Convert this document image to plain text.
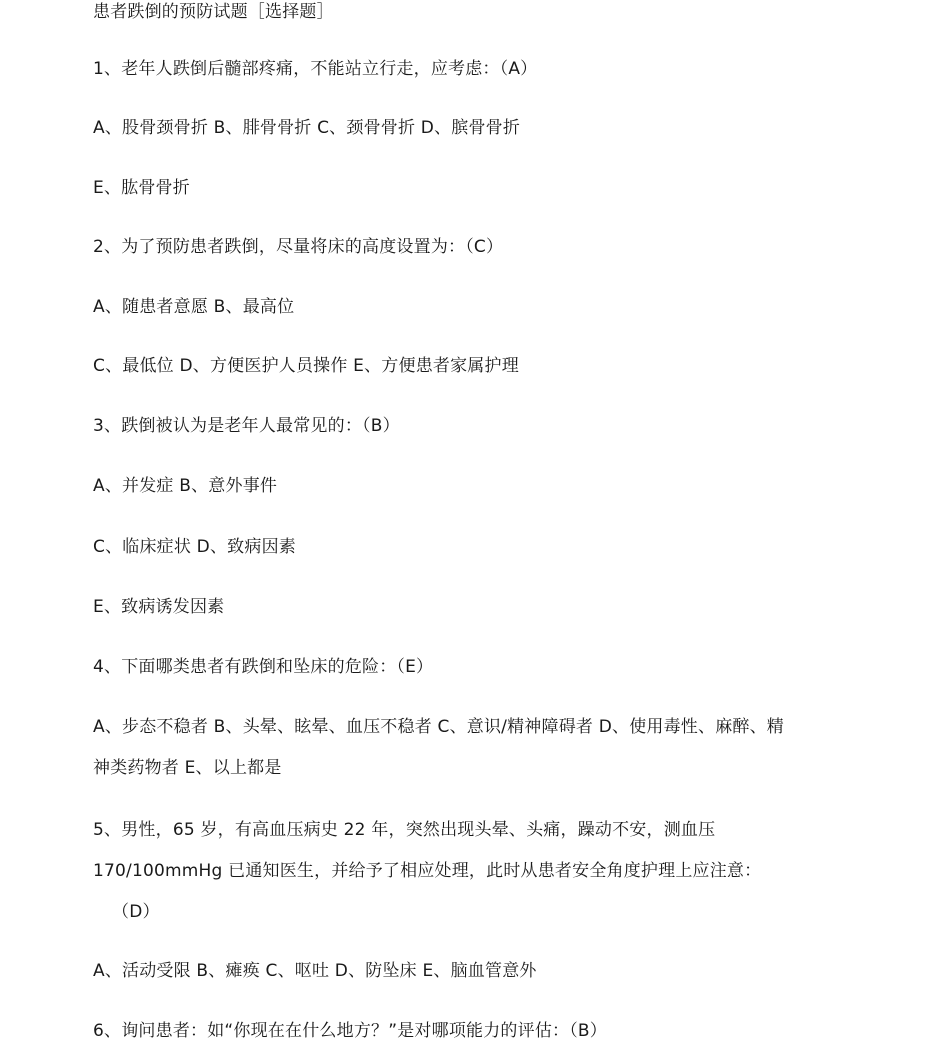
患者跌倒的预防试题［选择题］
1、老年人跌倒后髓部疼痛，不能站立行走，应考虑：（A）
A、股骨颈骨折 B、腓骨骨折 C、颈骨骨折 D、膑骨骨折
E、肱骨骨折
2、为了预防患者跌倒，尽量将床的高度设置为：（C）
A、随患者意愿 B、最高位
C、最低位 D、方便医护人员操作 E、方便患者家属护理
3、跌倒被认为是老年人最常见的：（B）
A、并发症 B、意外事件
C、临床症状 D、致病因素
E、致病诱发因素
4、下面哪类患者有跌倒和坠床的危险：（E）
A、步态不稳者 B、头晕、眩晕、血压不稳者 C、意识/精神障碍者 D、使用毒性、麻醉、精
神类药物者 E、以上都是
5、男性，65 岁，有高血压病史 22 年，突然出现头晕、头痛，躁动不安，测血压
170/100mmHg 已通知医生，并给予了相应处理，此时从患者安全角度护理上应注意：
（D）
A、活动受限 B、瘫痪 C、呕吐 D、防坠床 E、脑血管意外
6、询问患者：如“你现在在什么地方？”是对哪项能力的评估：（B）
